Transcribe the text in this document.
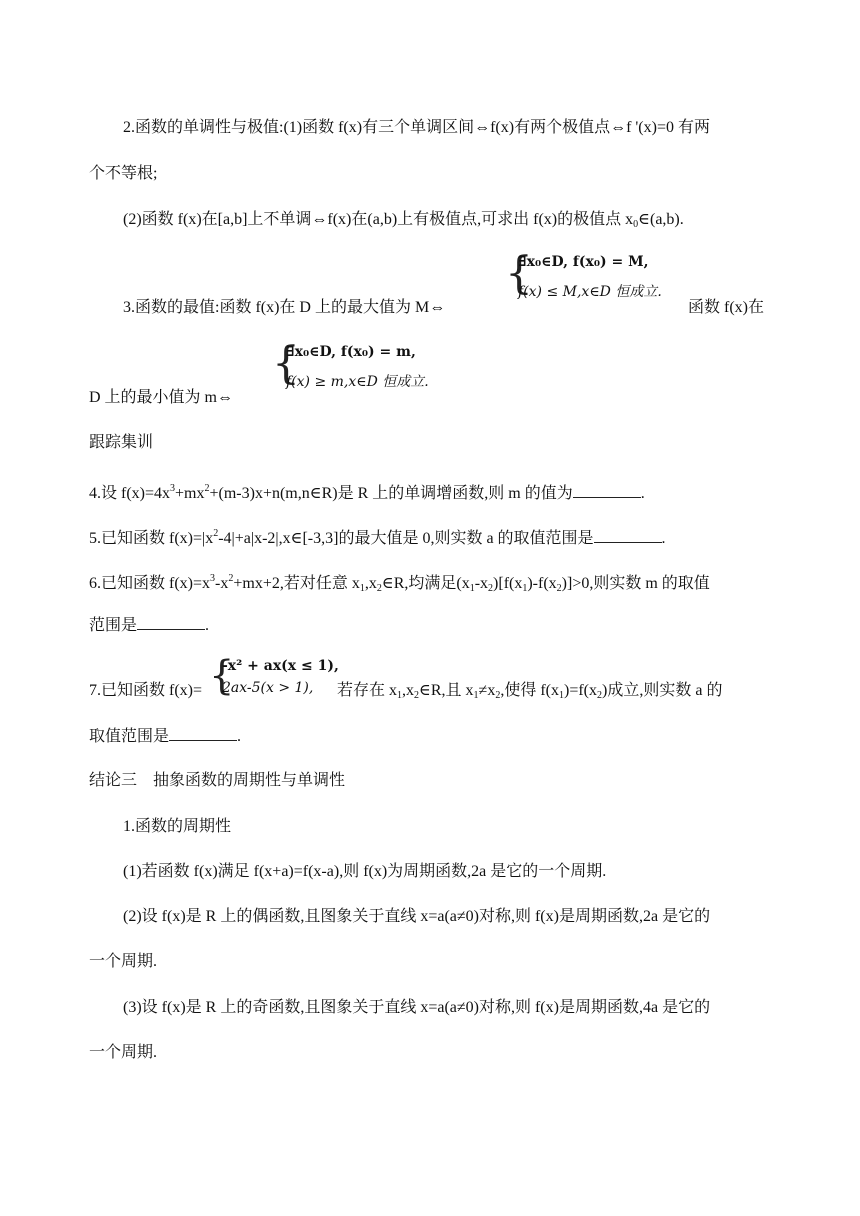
2.函数的单调性与极值:(1)函数 f(x)有三个单调区间⇔f(x)有两个极值点⇔f '(x)=0 有两
个不等根;
(2)函数 f(x)在[a,b]上不单调⇔f(x)在(a,b)上有极值点,可求出 f(x)的极值点 $x_0\in(a,b)$.
3.函数的最值:函数 f(x)在 D 上的最大值为 M⇔
{
∃x₀∈D, f(x₀) = M,
f(x) ≤ M,x∈D 恒成立.
函数 f(x)在
{
∃x₀∈D, f(x₀) = m,
f(x) ≥ m,x∈D 恒成立.
D 上的最小值为 m⇔
跟踪集训
4.设 $f(x)=4x^3+mx^2+(m-3)x+n(m,n\in R)$是 R 上的单调增函数,则 m 的值为	.
5.已知函数 $f(x)=|x^2-4|+a|x-2|,x\in[-3,3]$的最大值是 0,则实数 a 的取值范围是	.
6.已知函数 $f(x)=x^3-x^2+mx+2$,若对任意 $x_1,x_2\in R$,均满足$(x_1-x_2)[f(x_1)-f(x_2)]>0$,则实数 m 的取值
范围是	.
7.已知函数 f(x)= {
-x² + ax(x ≤ 1),
2ax-5(x > 1), 若存在 $x_1,x_2\in R$,且 $x_1\ne x_2$,使得 $f(x_1)=f(x_2)$成立,则实数 a 的
取值范围是	.
结论三　抽象函数的周期性与单调性
1.函数的周期性
(1)若函数 f(x)满足 f(x+a)=f(x-a),则 f(x)为周期函数,2a 是它的一个周期.
(2)设 f(x)是 R 上的偶函数,且图象关于直线 x=a(a≠0)对称,则 f(x)是周期函数,2a 是它的
一个周期.
(3)设 f(x)是 R 上的奇函数,且图象关于直线 x=a(a≠0)对称,则 f(x)是周期函数,4a 是它的
一个周期.
